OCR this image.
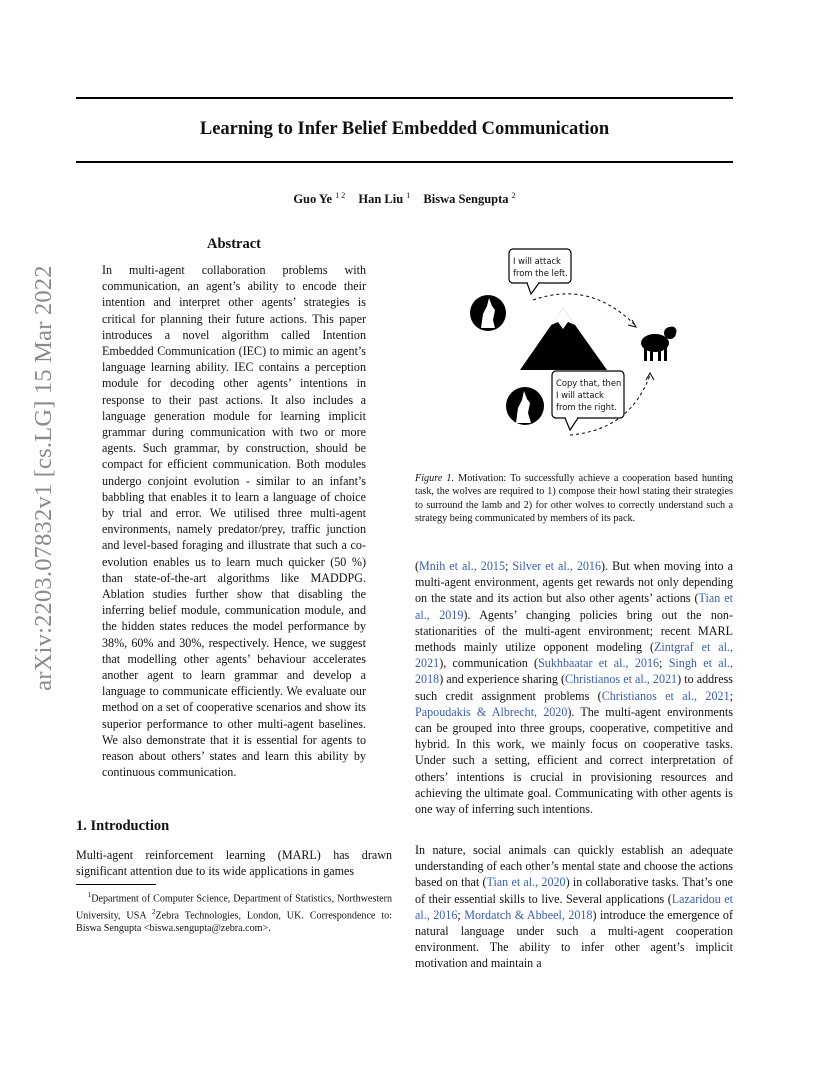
Learning to Infer Belief Embedded Communication
Guo Ye $^{1 2}$ Han Liu $^1$ Biswa Sengupta $^2$
arXiv:2203.07832v1 [cs.LG] 15 Mar 2022
Abstract

In multi-agent collaboration problems with communication, an agent’s ability to encode their intention and interpret other agents’ strategies is critical for planning their future actions. This paper introduces a novel algorithm called Intention Embedded Communication (IEC) to mimic an agent’s language learning ability. IEC contains a perception module for decoding other agents’ intentions in response to their past actions. It also includes a language generation module for learning implicit grammar during communication with two or more agents. Such grammar, by construction, should be compact for efficient communication. Both modules undergo conjoint evolution - similar to an infant’s babbling that enables it to learn a language of choice by trial and error. We utilised three multi-agent environments, namely predator/prey, traffic junction and level-based foraging and illustrate that such a co-evolution enables us to learn much quicker (50 %) than state-of-the-art algorithms like MADDPG. Ablation studies further show that disabling the inferring belief module, communication module, and the hidden states reduces the model performance by 38%, 60% and 30%, respectively. Hence, we suggest that modelling other agents’ behaviour accelerates another agent to learn grammar and develop a language to communicate efficiently. We evaluate our method on a set of cooperative scenarios and show its superior performance to other multi-agent baselines. We also demonstrate that it is essential for agents to reason about others’ states and learn this ability by continuous communication.

1. Introduction

Multi-agent reinforcement learning (MARL) has drawn significant attention due to its wide applications in games

$^1$Department of Computer Science, Department of Statistics, Northwestern University, USA $^2$Zebra Technologies, London, UK. Correspondence to: Biswa Sengupta <biswa.sengupta@zebra.com>.

I will attack
from the left.
Copy that, then
I will attack
from the right.

Figure 1. Motivation: To successfully achieve a cooperation based hunting task, the wolves are required to 1) compose their howl stating their strategies to surround the lamb and 2) for other wolves to correctly understand such a strategy being communicated by members of its pack.

(Mnih et al., 2015; Silver et al., 2016). But when moving into a multi-agent environment, agents get rewards not only depending on the state and its action but also other agents’ actions (Tian et al., 2019). Agents’ changing policies bring out the non-stationarities of the multi-agent environment; recent MARL methods mainly utilize opponent modeling (Zintgraf et al., 2021), communication (Sukhbaatar et al., 2016; Singh et al., 2018) and experience sharing (Christianos et al., 2021) to address such credit assignment problems (Christianos et al., 2021; Papoudakis & Albrecht, 2020). The multi-agent environments can be grouped into three groups, cooperative, competitive and hybrid. In this work, we mainly focus on cooperative tasks. Under such a setting, efficient and correct interpretation of others’ intentions is crucial in provisioning resources and achieving the ultimate goal. Communicating with other agents is one way of inferring such intentions.

In nature, social animals can quickly establish an adequate understanding of each other’s mental state and choose the actions based on that (Tian et al., 2020) in collaborative tasks. That’s one of their essential skills to live. Several applications (Lazaridou et al., 2016; Mordatch & Abbeel, 2018) introduce the emergence of natural language under such a multi-agent cooperation environment. The ability to infer other agent’s implicit motivation and maintain a
